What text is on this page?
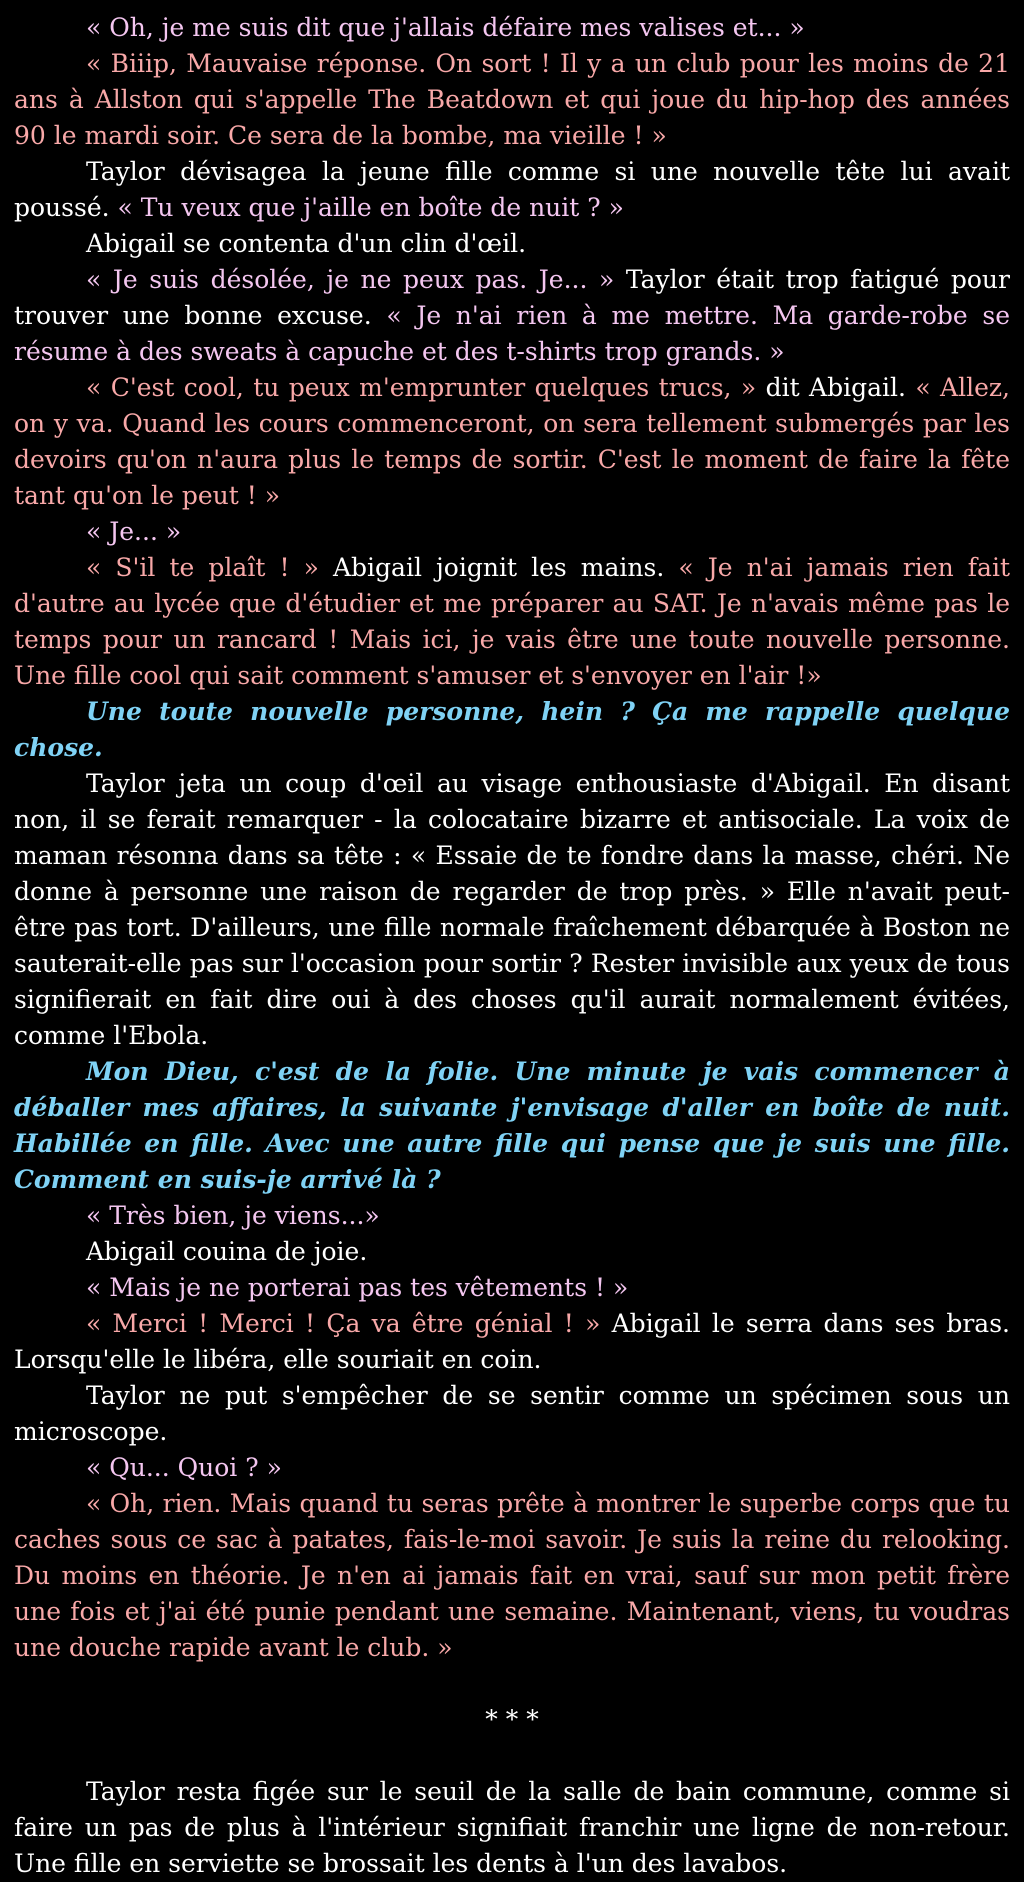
« Oh, je me suis dit que j'allais défaire mes valises et... »

« Biiip, Mauvaise réponse. On sort ! Il y a un club pour les moins de 21 ans à Allston qui s'appelle The Beatdown et qui joue du hip-hop des années 90 le mardi soir. Ce sera de la bombe, ma vieille ! »

Taylor dévisagea la jeune fille comme si une nouvelle tête lui avait poussé. « Tu veux que j'aille en boîte de nuit ? »

Abigail se contenta d'un clin d'œil.

« Je suis désolée, je ne peux pas. Je... » Taylor était trop fatigué pour trouver une bonne excuse. « Je n'ai rien à me mettre. Ma garde-robe se résume à des sweats à capuche et des t-shirts trop grands. »

« C'est cool, tu peux m'emprunter quelques trucs, » dit Abigail. « Allez, on y va. Quand les cours commenceront, on sera tellement submergés par les devoirs qu'on n'aura plus le temps de sortir. C'est le moment de faire la fête tant qu'on le peut ! »

« Je... »

« S'il te plaît ! » Abigail joignit les mains. « Je n'ai jamais rien fait d'autre au lycée que d'étudier et me préparer au SAT. Je n'avais même pas le temps pour un rancard ! Mais ici, je vais être une toute nouvelle personne. Une fille cool qui sait comment s'amuser et s'envoyer en l'air !»

Une toute nouvelle personne, hein ? Ça me rappelle quelque chose.

Taylor jeta un coup d'œil au visage enthousiaste d'Abigail. En disant non, il se ferait remarquer - la colocataire bizarre et antisociale. La voix de maman résonna dans sa tête : « Essaie de te fondre dans la masse, chéri. Ne donne à personne une raison de regarder de trop près. » Elle n'avait peut-être pas tort. D'ailleurs, une fille normale fraîchement débarquée à Boston ne sauterait-elle pas sur l'occasion pour sortir ? Rester invisible aux yeux de tous signifierait en fait dire oui à des choses qu'il aurait normalement évitées, comme l'Ebola.

Mon Dieu, c'est de la folie. Une minute je vais commencer à déballer mes affaires, la suivante j'envisage d'aller en boîte de nuit. Habillée en fille. Avec une autre fille qui pense que je suis une fille. Comment en suis-je arrivé là ?

« Très bien, je viens...»

Abigail couina de joie.

« Mais je ne porterai pas tes vêtements ! »

« Merci ! Merci ! Ça va être génial ! » Abigail le serra dans ses bras. Lorsqu'elle le libéra, elle souriait en coin.

Taylor ne put s'empêcher de se sentir comme un spécimen sous un microscope.

« Qu... Quoi ? »

« Oh, rien. Mais quand tu seras prête à montrer le superbe corps que tu caches sous ce sac à patates, fais-le-moi savoir. Je suis la reine du relooking. Du moins en théorie. Je n'en ai jamais fait en vrai, sauf sur mon petit frère une fois et j'ai été punie pendant une semaine. Maintenant, viens, tu voudras une douche rapide avant le club. »

* * *

Taylor resta figée sur le seuil de la salle de bain commune, comme si faire un pas de plus à l'intérieur signifiait franchir une ligne de non-retour. Une fille en serviette se brossait les dents à l'un des lavabos.
